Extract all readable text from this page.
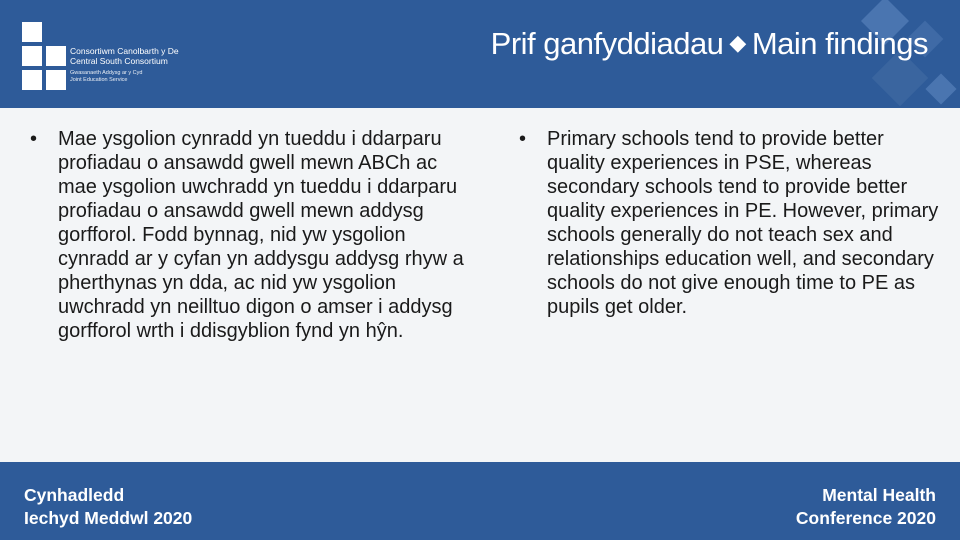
Consortiwm Canolbarth y De
Central South Consortium
Gwasanaeth Addysg ar y Cyd
Joint Education Service
Prif ganfyddiadau ◆ Main findings
• Mae ysgolion cynradd yn tueddu i ddarparu profiadau o ansawdd gwell mewn ABCh ac mae ysgolion uwchradd yn tueddu i ddarparu profiadau o ansawdd gwell mewn addysg gorfforol. Fodd bynnag, nid yw ysgolion cynradd ar y cyfan yn addysgu addysg rhyw a pherthynas yn dda, ac nid yw ysgolion uwchradd yn neilltuo digon o amser i addysg gorfforol wrth i ddisgyblion fynd yn hŷn.
• Primary schools tend to provide better quality experiences in PSE, whereas secondary schools tend to provide better quality experiences in PE. However, primary schools generally do not teach sex and relationships education well, and secondary schools do not give enough time to PE as pupils get older.
Cynhadledd
Iechyd Meddwl 2020
Mental Health
Conference 2020
